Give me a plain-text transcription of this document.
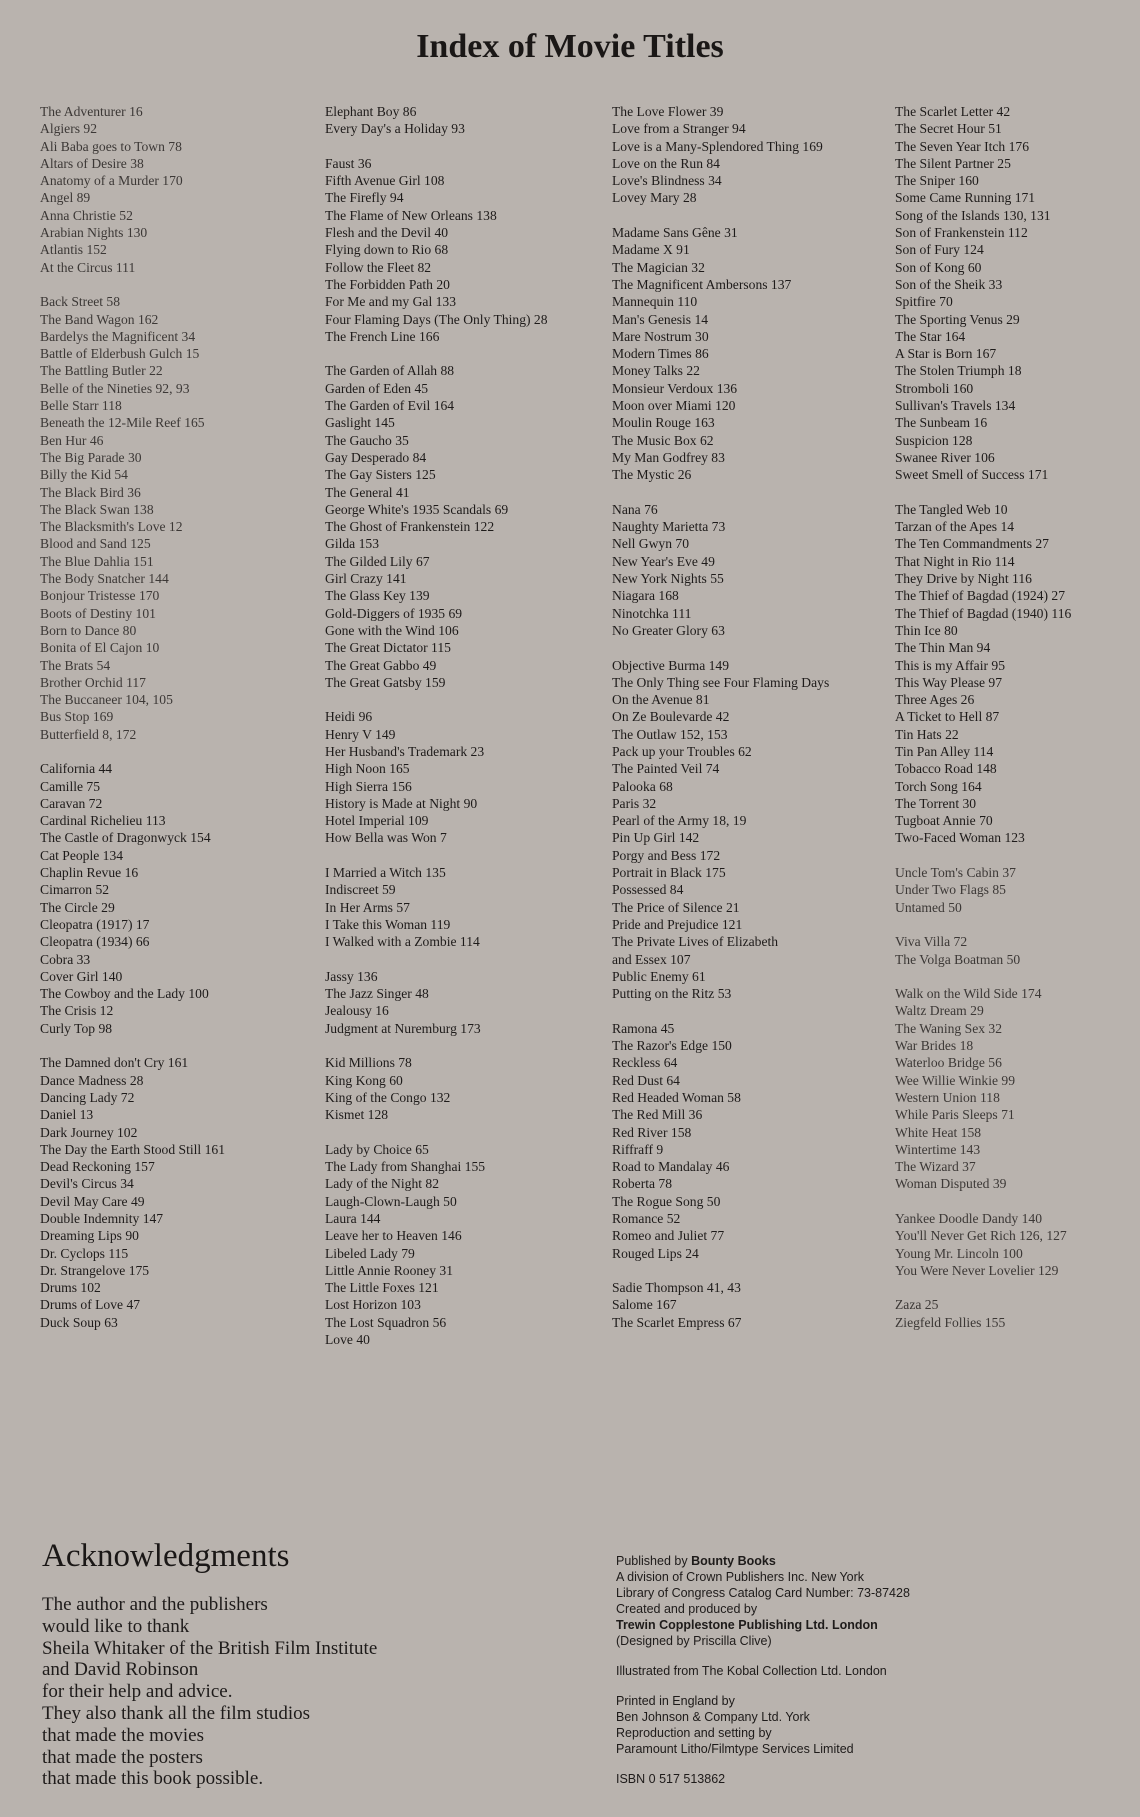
Index of Movie Titles
The Adventurer 16
Algiers 92
Ali Baba goes to Town 78
Altars of Desire 38
Anatomy of a Murder 170
Angel 89
Anna Christie 52
Arabian Nights 130
Atlantis 152
At the Circus 111
Back Street 58
The Band Wagon 162
Bardelys the Magnificent 34
Battle of Elderbush Gulch 15
The Battling Butler 22
Belle of the Nineties 92, 93
Belle Starr 118
Beneath the 12-Mile Reef 165
Ben Hur 46
The Big Parade 30
Billy the Kid 54
The Black Bird 36
The Black Swan 138
The Blacksmith's Love 12
Blood and Sand 125
The Blue Dahlia 151
The Body Snatcher 144
Bonjour Tristesse 170
Boots of Destiny 101
Born to Dance 80
Bonita of El Cajon 10
The Brats 54
Brother Orchid 117
The Buccaneer 104, 105
Bus Stop 169
Butterfield 8, 172
California 44
Camille 75
Caravan 72
Cardinal Richelieu 113
The Castle of Dragonwyck 154
Cat People 134
Chaplin Revue 16
Cimarron 52
The Circle 29
Cleopatra (1917) 17
Cleopatra (1934) 66
Cobra 33
Cover Girl 140
The Cowboy and the Lady 100
The Crisis 12
Curly Top 98
The Damned don't Cry 161
Dance Madness 28
Dancing Lady 72
Daniel 13
Dark Journey 102
The Day the Earth Stood Still 161
Dead Reckoning 157
Devil's Circus 34
Devil May Care 49
Double Indemnity 147
Dreaming Lips 90
Dr. Cyclops 115
Dr. Strangelove 175
Drums 102
Drums of Love 47
Duck Soup 63
Elephant Boy 86
Every Day's a Holiday 93
Faust 36
Fifth Avenue Girl 108
The Firefly 94
The Flame of New Orleans 138
Flesh and the Devil 40
Flying down to Rio 68
Follow the Fleet 82
The Forbidden Path 20
For Me and my Gal 133
Four Flaming Days (The Only Thing) 28
The French Line 166
The Garden of Allah 88
Garden of Eden 45
The Garden of Evil 164
Gaslight 145
The Gaucho 35
Gay Desperado 84
The Gay Sisters 125
The General 41
George White's 1935 Scandals 69
The Ghost of Frankenstein 122
Gilda 153
The Gilded Lily 67
Girl Crazy 141
The Glass Key 139
Gold-Diggers of 1935 69
Gone with the Wind 106
The Great Dictator 115
The Great Gabbo 49
The Great Gatsby 159
Heidi 96
Henry V 149
Her Husband's Trademark 23
High Noon 165
High Sierra 156
History is Made at Night 90
Hotel Imperial 109
How Bella was Won 7
I Married a Witch 135
Indiscreet 59
In Her Arms 57
I Take this Woman 119
I Walked with a Zombie 114
Jassy 136
The Jazz Singer 48
Jealousy 16
Judgment at Nuremburg 173
Kid Millions 78
King Kong 60
King of the Congo 132
Kismet 128
Lady by Choice 65
The Lady from Shanghai 155
Lady of the Night 82
Laugh-Clown-Laugh 50
Laura 144
Leave her to Heaven 146
Libeled Lady 79
Little Annie Rooney 31
The Little Foxes 121
Lost Horizon 103
The Lost Squadron 56
Love 40
The Love Flower 39
Love from a Stranger 94
Love is a Many-Splendored Thing 169
Love on the Run 84
Love's Blindness 34
Lovey Mary 28
Madame Sans Gêne 31
Madame X 91
The Magician 32
The Magnificent Ambersons 137
Mannequin 110
Man's Genesis 14
Mare Nostrum 30
Modern Times 86
Money Talks 22
Monsieur Verdoux 136
Moon over Miami 120
Moulin Rouge 163
The Music Box 62
My Man Godfrey 83
The Mystic 26
Nana 76
Naughty Marietta 73
Nell Gwyn 70
New Year's Eve 49
New York Nights 55
Niagara 168
Ninotchka 111
No Greater Glory 63
Objective Burma 149
The Only Thing see Four Flaming Days
On the Avenue 81
On Ze Boulevarde 42
The Outlaw 152, 153
Pack up your Troubles 62
The Painted Veil 74
Palooka 68
Paris 32
Pearl of the Army 18, 19
Pin Up Girl 142
Porgy and Bess 172
Portrait in Black 175
Possessed 84
The Price of Silence 21
Pride and Prejudice 121
The Private Lives of Elizabeth
and Essex 107
Public Enemy 61
Putting on the Ritz 53
Ramona 45
The Razor's Edge 150
Reckless 64
Red Dust 64
Red Headed Woman 58
The Red Mill 36
Red River 158
Riffraff 9
Road to Mandalay 46
Roberta 78
The Rogue Song 50
Romance 52
Romeo and Juliet 77
Rouged Lips 24
Sadie Thompson 41, 43
Salome 167
The Scarlet Empress 67
The Scarlet Letter 42
The Secret Hour 51
The Seven Year Itch 176
The Silent Partner 25
The Sniper 160
Some Came Running 171
Song of the Islands 130, 131
Son of Frankenstein 112
Son of Fury 124
Son of Kong 60
Son of the Sheik 33
Spitfire 70
The Sporting Venus 29
The Star 164
A Star is Born 167
The Stolen Triumph 18
Stromboli 160
Sullivan's Travels 134
The Sunbeam 16
Suspicion 128
Swanee River 106
Sweet Smell of Success 171
The Tangled Web 10
Tarzan of the Apes 14
The Ten Commandments 27
That Night in Rio 114
They Drive by Night 116
The Thief of Bagdad (1924) 27
The Thief of Bagdad (1940) 116
Thin Ice 80
The Thin Man 94
This is my Affair 95
This Way Please 97
Three Ages 26
A Ticket to Hell 87
Tin Hats 22
Tin Pan Alley 114
Tobacco Road 148
Torch Song 164
The Torrent 30
Tugboat Annie 70
Two-Faced Woman 123
Uncle Tom's Cabin 37
Under Two Flags 85
Untamed 50
Viva Villa 72
The Volga Boatman 50
Walk on the Wild Side 174
Waltz Dream 29
The Waning Sex 32
War Brides 18
Waterloo Bridge 56
Wee Willie Winkie 99
Western Union 118
While Paris Sleeps 71
White Heat 158
Wintertime 143
The Wizard 37
Woman Disputed 39
Yankee Doodle Dandy 140
You'll Never Get Rich 126, 127
Young Mr. Lincoln 100
You Were Never Lovelier 129
Zaza 25
Ziegfeld Follies 155
Acknowledgments
The author and the publishers
would like to thank
Sheila Whitaker of the British Film Institute
and David Robinson
for their help and advice.
They also thank all the film studios
that made the movies
that made the posters
that made this book possible.
Published by Bounty Books
A division of Crown Publishers Inc. New York
Library of Congress Catalog Card Number: 73-87428
Created and produced by
Trewin Copplestone Publishing Ltd. London
(Designed by Priscilla Clive)
Illustrated from The Kobal Collection Ltd. London
Printed in England by
Ben Johnson & Company Ltd. York
Reproduction and setting by
Paramount Litho/Filmtype Services Limited
ISBN 0 517 513862
